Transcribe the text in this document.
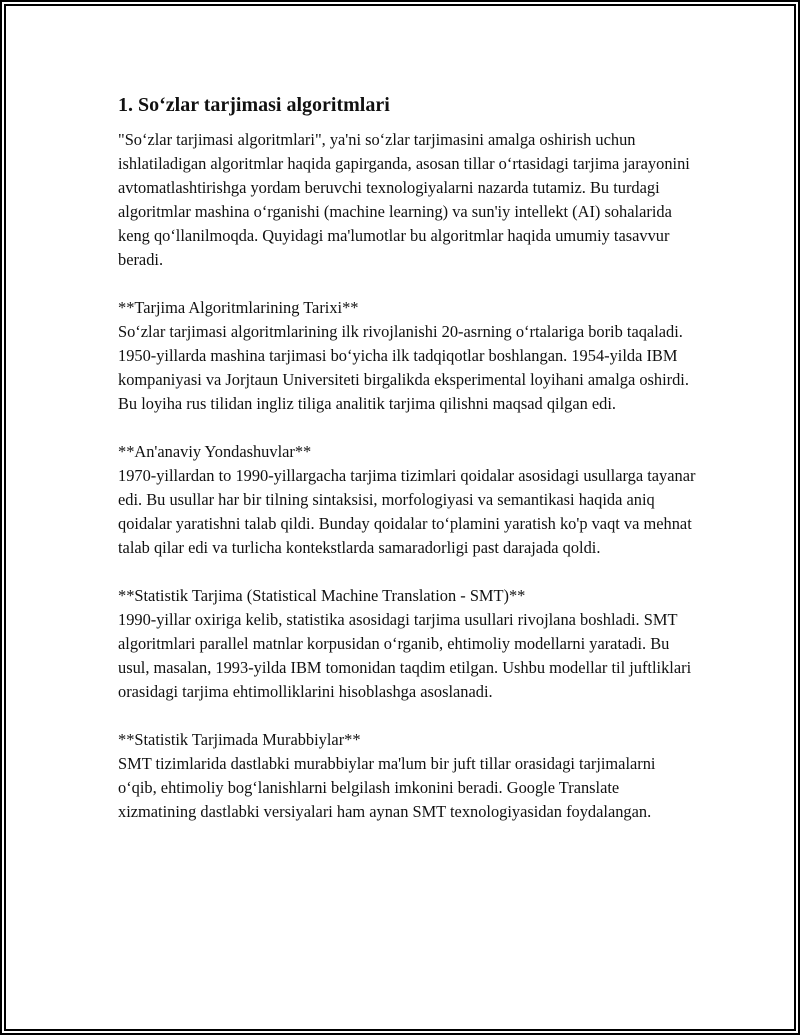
1. So‘zlar tarjimasi algoritmlari

"So‘zlar tarjimasi algoritmlari", ya'ni so‘zlar tarjimasini amalga oshirish uchun ishlatiladigan algoritmlar haqida gapirganda, asosan tillar o‘rtasidagi tarjima jarayonini avtomatlashtirishga yordam beruvchi texnologiyalarni nazarda tutamiz. Bu turdagi algoritmlar mashina o‘rganishi (machine learning) va sun'iy intellekt (AI) sohalarida keng qo‘llanilmoqda. Quyidagi ma'lumotlar bu algoritmlar haqida umumiy tasavvur beradi.

**Tarjima Algoritmlarining Tarixi**
So‘zlar tarjimasi algoritmlarining ilk rivojlanishi 20-asrning o‘rtalariga borib taqaladi. 1950-yillarda mashina tarjimasi bo‘yicha ilk tadqiqotlar boshlangan. 1954-yilda IBM kompaniyasi va Jorjtaun Universiteti birgalikda eksperimental loyihani amalga oshirdi. Bu loyiha rus tilidan ingliz tiliga analitik tarjima qilishni maqsad qilgan edi.
**An'anaviy Yondashuvlar**
1970-yillardan to 1990-yillargacha tarjima tizimlari qoidalar asosidagi usullarga tayanar edi. Bu usullar har bir tilning sintaksisi, morfologiyasi va semantikasi haqida aniq qoidalar yaratishni talab qildi. Bunday qoidalar to‘plamini yaratish ko'p vaqt va mehnat talab qilar edi va turlicha kontekstlarda samaradorligi past darajada qoldi.
**Statistik Tarjima (Statistical Machine Translation - SMT)**
1990-yillar oxiriga kelib, statistika asosidagi tarjima usullari rivojlana boshladi. SMT algoritmlari parallel matnlar korpusidan o‘rganib, ehtimoliy modellarni yaratadi. Bu usul, masalan, 1993-yilda IBM tomonidan taqdim etilgan. Ushbu modellar til juftliklari orasidagi tarjima ehtimolliklarini hisoblashga asoslanadi.
**Statistik Tarjimada Murabbiylar**
SMT tizimlarida dastlabki murabbiylar ma'lum bir juft tillar orasidagi tarjimalarni o‘qib, ehtimoliy bog‘lanishlarni belgilash imkonini beradi. Google Translate xizmatining dastlabki versiyalari ham aynan SMT texnologiyasidan foydalangan.
